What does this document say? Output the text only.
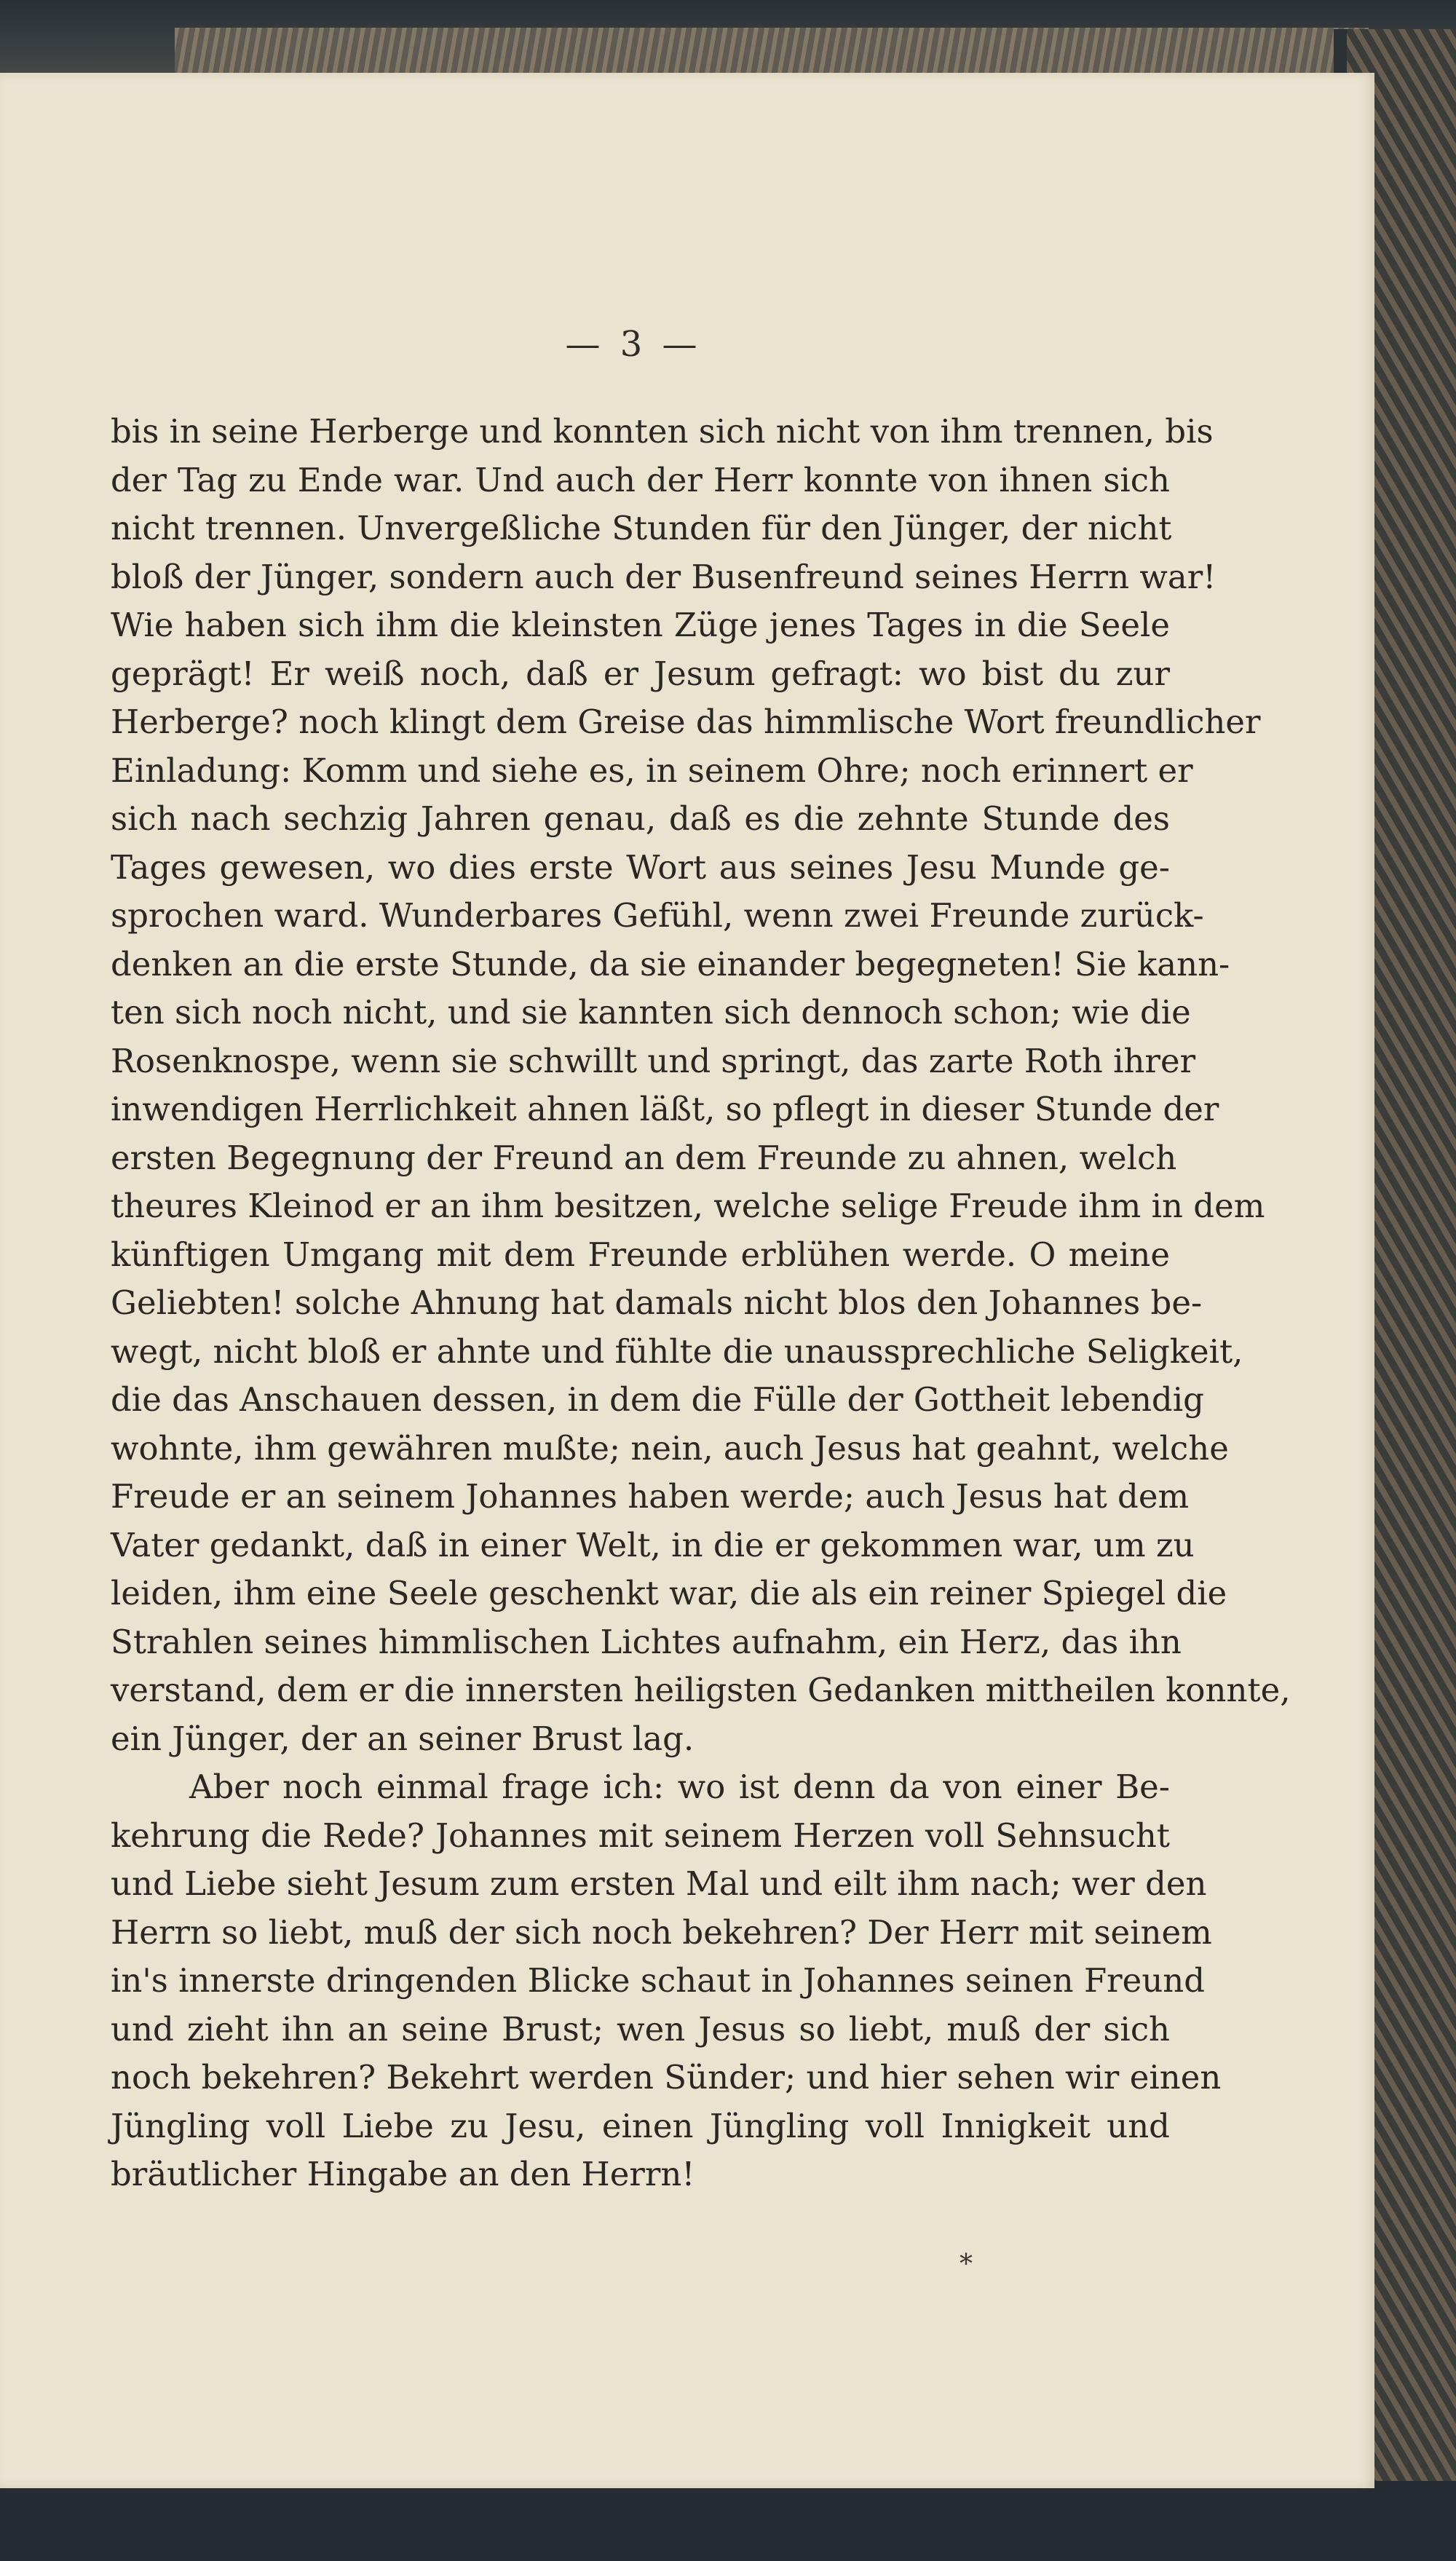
— 3 —
bis in seine Herberge und konnten sich nicht von ihm trennen, bis
der Tag zu Ende war. Und auch der Herr konnte von ihnen sich
nicht trennen. Unvergeßliche Stunden für den Jünger, der nicht
bloß der Jünger, sondern auch der Busenfreund seines Herrn war!
Wie haben sich ihm die kleinsten Züge jenes Tages in die Seele
geprägt! Er weiß noch, daß er Jesum gefragt: wo bist du zur
Herberge? noch klingt dem Greise das himmlische Wort freundlicher
Einladung: Komm und siehe es, in seinem Ohre; noch erinnert er
sich nach sechzig Jahren genau, daß es die zehnte Stunde des
Tages gewesen, wo dies erste Wort aus seines Jesu Munde ge-
sprochen ward. Wunderbares Gefühl, wenn zwei Freunde zurück-
denken an die erste Stunde, da sie einander begegneten! Sie kann-
ten sich noch nicht, und sie kannten sich dennoch schon; wie die
Rosenknospe, wenn sie schwillt und springt, das zarte Roth ihrer
inwendigen Herrlichkeit ahnen läßt, so pflegt in dieser Stunde der
ersten Begegnung der Freund an dem Freunde zu ahnen, welch
theures Kleinod er an ihm besitzen, welche selige Freude ihm in dem
künftigen Umgang mit dem Freunde erblühen werde. O meine
Geliebten! solche Ahnung hat damals nicht blos den Johannes be-
wegt, nicht bloß er ahnte und fühlte die unaussprechliche Seligkeit,
die das Anschauen dessen, in dem die Fülle der Gottheit lebendig
wohnte, ihm gewähren mußte; nein, auch Jesus hat geahnt, welche
Freude er an seinem Johannes haben werde; auch Jesus hat dem
Vater gedankt, daß in einer Welt, in die er gekommen war, um zu
leiden, ihm eine Seele geschenkt war, die als ein reiner Spiegel die
Strahlen seines himmlischen Lichtes aufnahm, ein Herz, das ihn
verstand, dem er die innersten heiligsten Gedanken mittheilen konnte,
ein Jünger, der an seiner Brust lag.
Aber noch einmal frage ich: wo ist denn da von einer Be-
kehrung die Rede? Johannes mit seinem Herzen voll Sehnsucht
und Liebe sieht Jesum zum ersten Mal und eilt ihm nach; wer den
Herrn so liebt, muß der sich noch bekehren? Der Herr mit seinem
in's innerste dringenden Blicke schaut in Johannes seinen Freund
und zieht ihn an seine Brust; wen Jesus so liebt, muß der sich
noch bekehren? Bekehrt werden Sünder; und hier sehen wir einen
Jüngling voll Liebe zu Jesu, einen Jüngling voll Innigkeit und
bräutlicher Hingabe an den Herrn!
*
